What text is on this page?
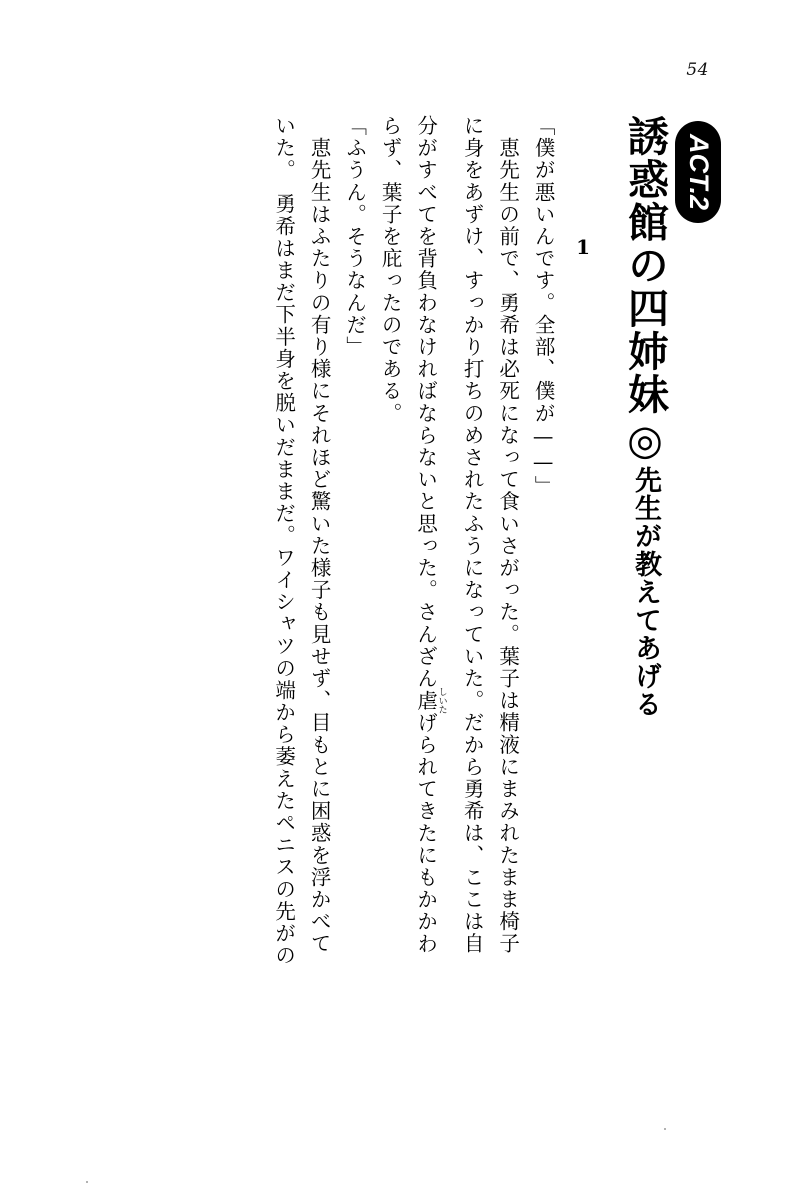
54
ACT.2
誘惑館の四姉妹◎先生が教えてあげる
1
「僕が悪いんです。全部、僕が——」
　恵先生の前で、勇希は必死になって食いさがった。葉子は精液にまみれたまま椅子
に身をあずけ、すっかり打ちのめされたふうになっていた。だから勇希は、ここは自
分がすべてを背負わなければならないと思った。さんざん虐 しいたげられてきたにもかかわ
らず、葉子を庇ったのである。
「ふうん。そうなんだ」
　恵先生はふたりの有り様にそれほど驚いた様子も見せず、目もとに困惑を浮かべて
いた。　勇希はまだ下半身を脱いだままだ。ワイシャツの端から萎えたペニスの先がの
